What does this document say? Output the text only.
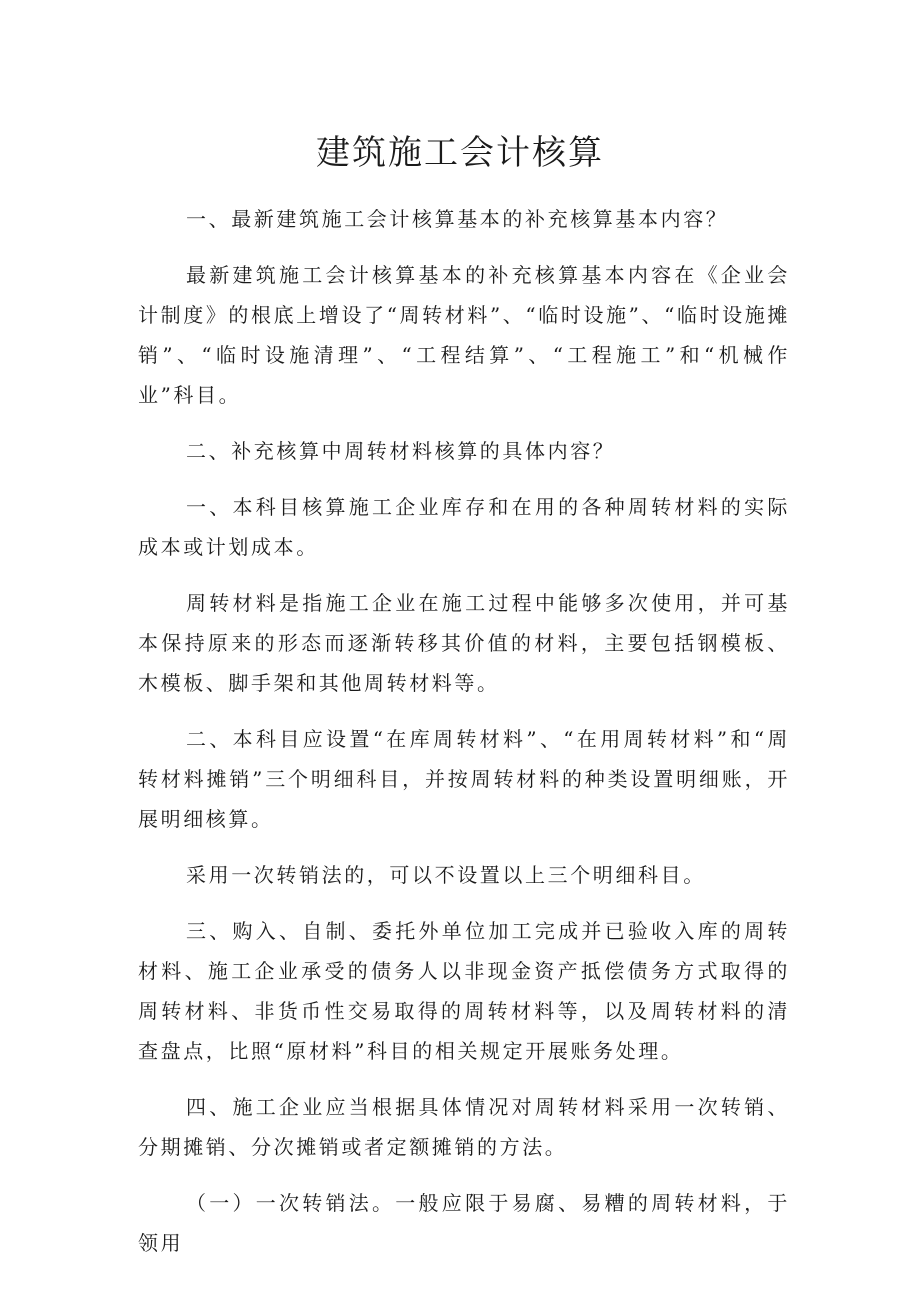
建筑施工会计核算

一、最新建筑施工会计核算基本的补充核算基本内容？

最新建筑施工会计核算基本的补充核算基本内容在《企业会计制度》的根底上增设了“周转材料”、“临时设施”、“临时设施摊销”、“临时设施清理”、“工程结算”、“工程施工”和“机械作业”科目。

二、补充核算中周转材料核算的具体内容？

一、本科目核算施工企业库存和在用的各种周转材料的实际成本或计划成本。

周转材料是指施工企业在施工过程中能够多次使用，并可基本保持原来的形态而逐渐转移其价值的材料，主要包括钢模板、木模板、脚手架和其他周转材料等。

二、本科目应设置“在库周转材料”、“在用周转材料”和“周转材料摊销”三个明细科目，并按周转材料的种类设置明细账，开展明细核算。

采用一次转销法的，可以不设置以上三个明细科目。

三、购入、自制、委托外单位加工完成并已验收入库的周转材料、施工企业承受的债务人以非现金资产抵偿债务方式取得的周转材料、非货币性交易取得的周转材料等，以及周转材料的清查盘点，比照“原材料”科目的相关规定开展账务处理。

四、施工企业应当根据具体情况对周转材料采用一次转销、分期摊销、分次摊销或者定额摊销的方法。

（一）一次转销法。一般应限于易腐、易糟的周转材料，于领用
